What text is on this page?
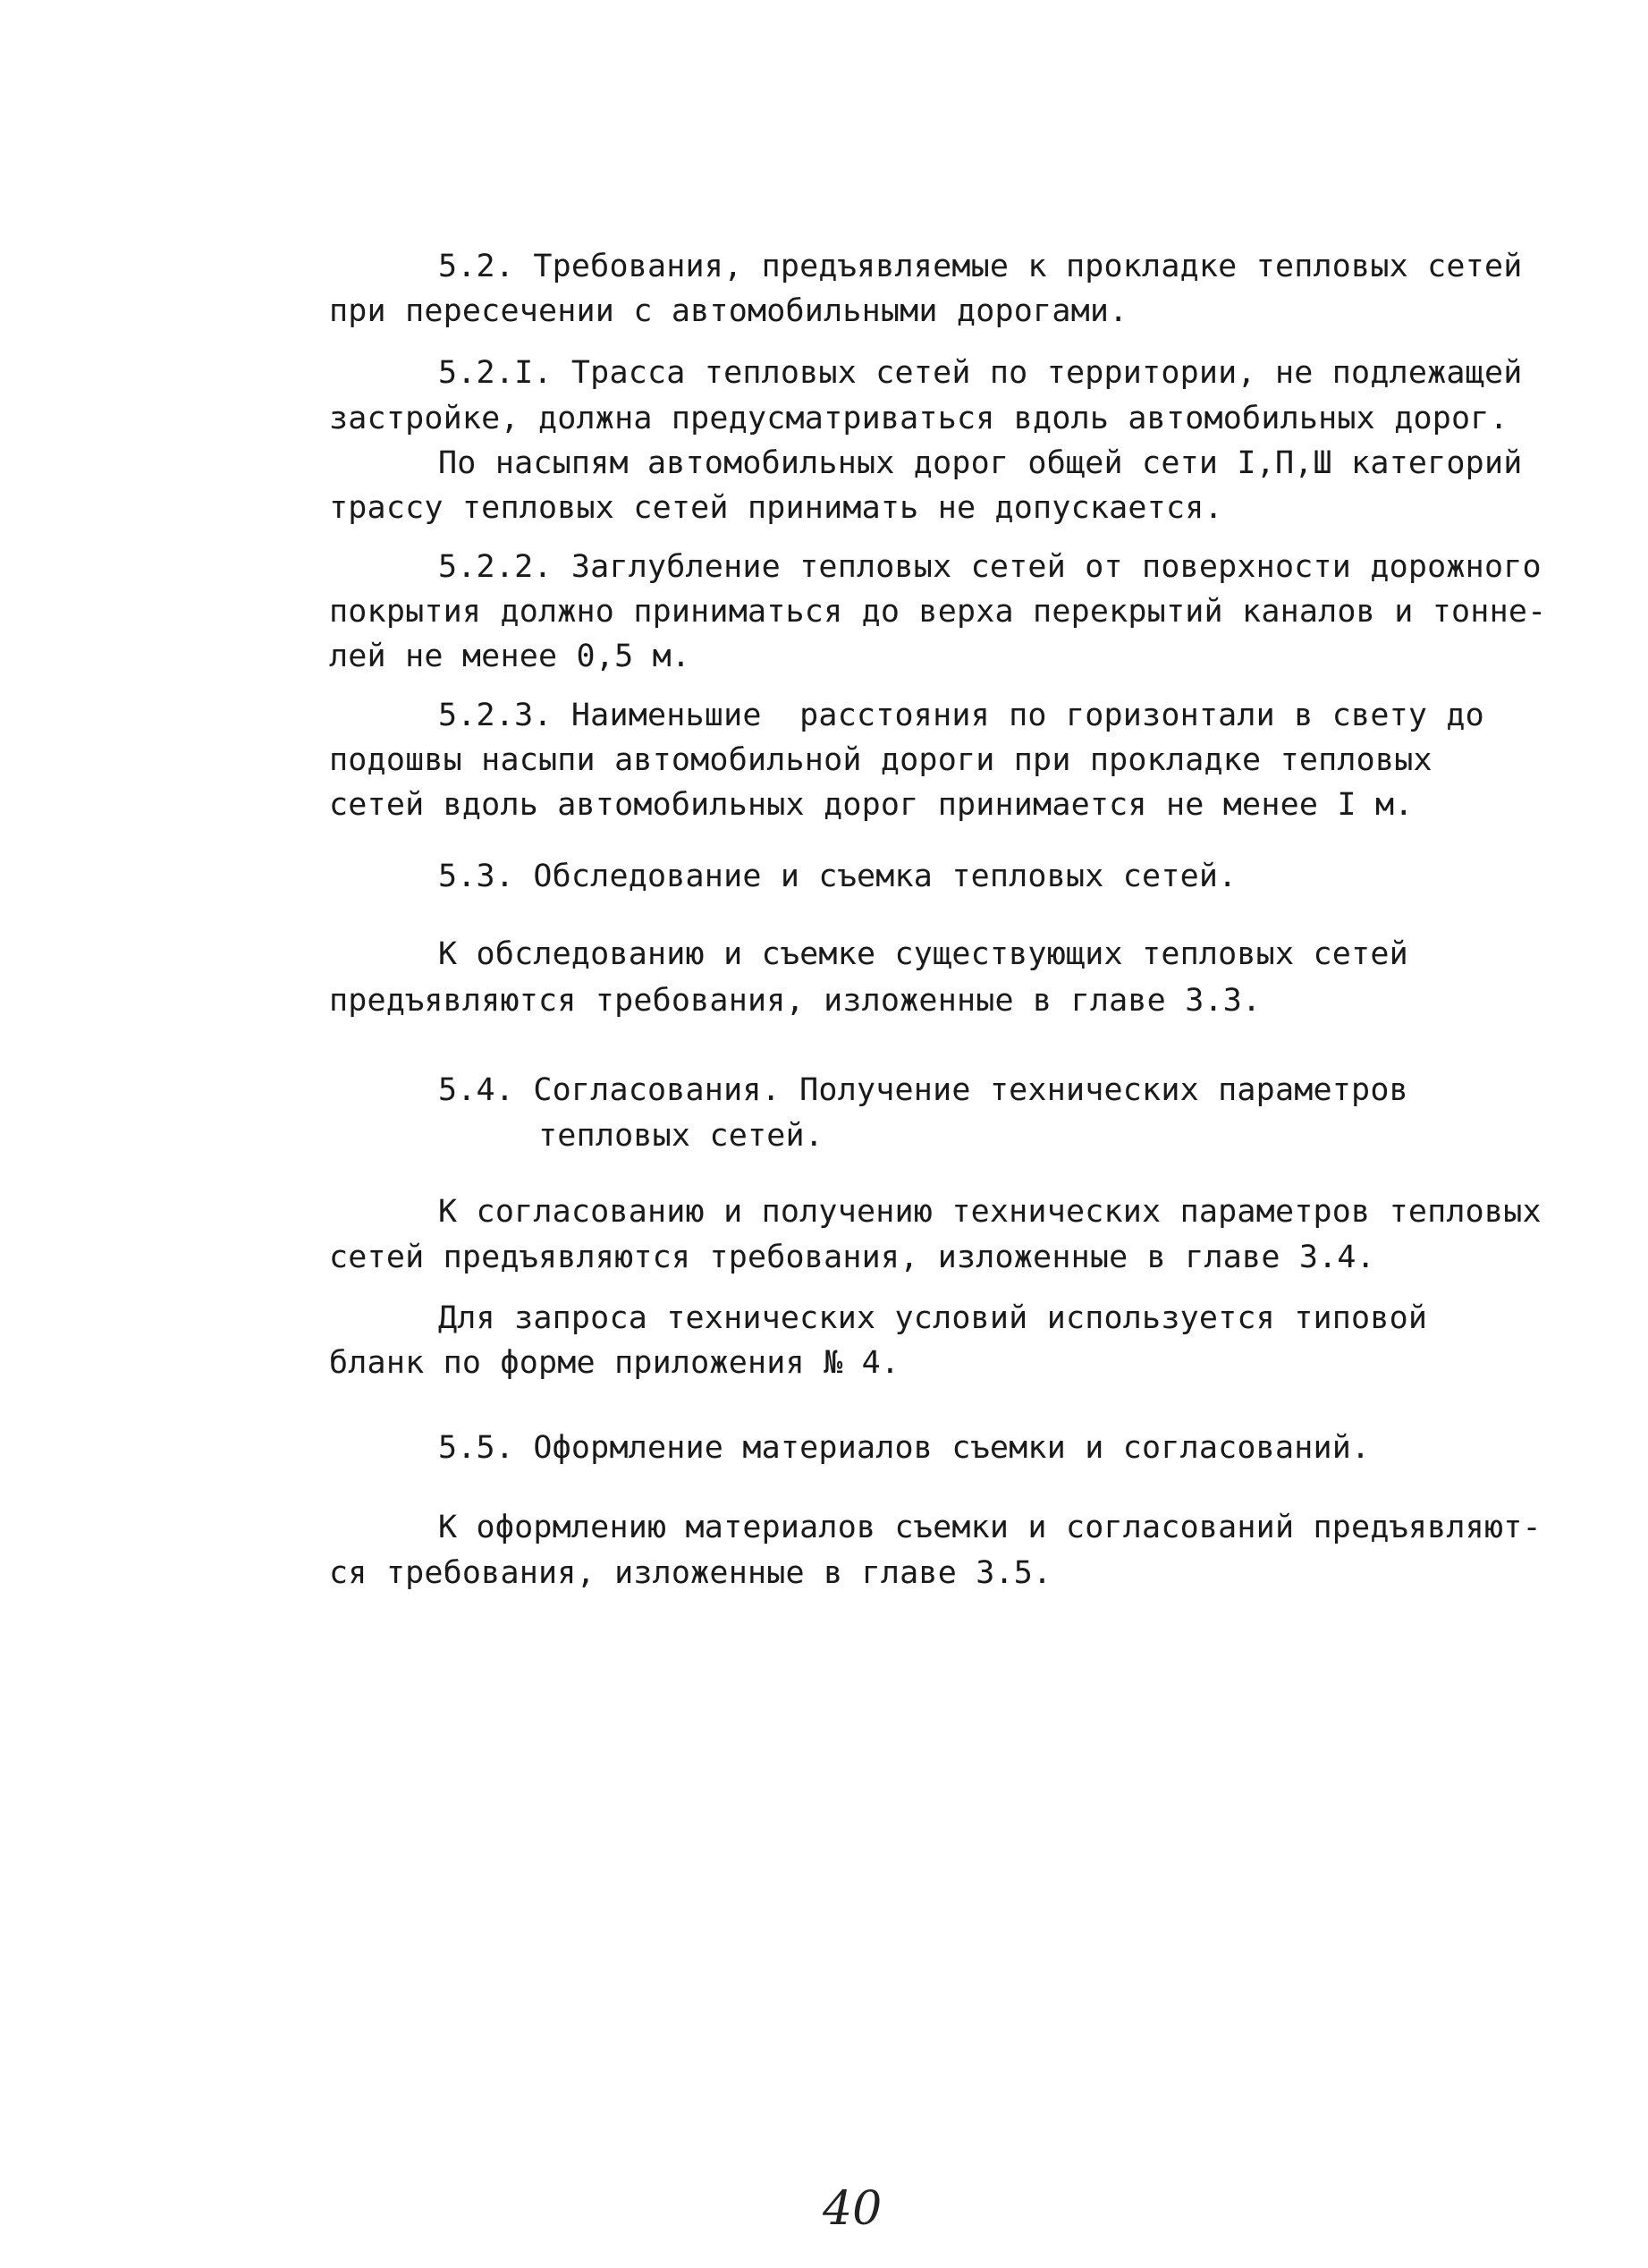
5.2. Требования, предъявляемые к прокладке тепловых сетей

при пересечении с автомобильными дорогами.

5.2.I. Трасса тепловых сетей по территории, не подлежащей

застройке, должна предусматриваться вдоль автомобильных дорог.

По насыпям автомобильных дорог общей сети I,П,Ш категорий

трассу тепловых сетей принимать не допускается.

5.2.2. Заглубление тепловых сетей от поверхности дорожного

покрытия должно приниматься до верха перекрытий каналов и тонне-

лей не менее 0,5 м.

5.2.3. Наименьшие  расстояния по горизонтали в свету до

подошвы насыпи автомобильной дороги при прокладке тепловых

сетей вдоль автомобильных дорог принимается не менее I м.

5.3. Обследование и съемка тепловых сетей.

К обследованию и съемке существующих тепловых сетей

предъявляются требования, изложенные в главе 3.3.

5.4. Согласования. Получение технических параметров

тепловых сетей.

К согласованию и получению технических параметров тепловых

сетей предъявляются требования, изложенные в главе 3.4.

Для запроса технических условий используется типовой

бланк по форме приложения № 4.

5.5. Оформление материалов съемки и согласований.

К оформлению материалов съемки и согласований предъявляют-

ся требования, изложенные в главе 3.5.

40
